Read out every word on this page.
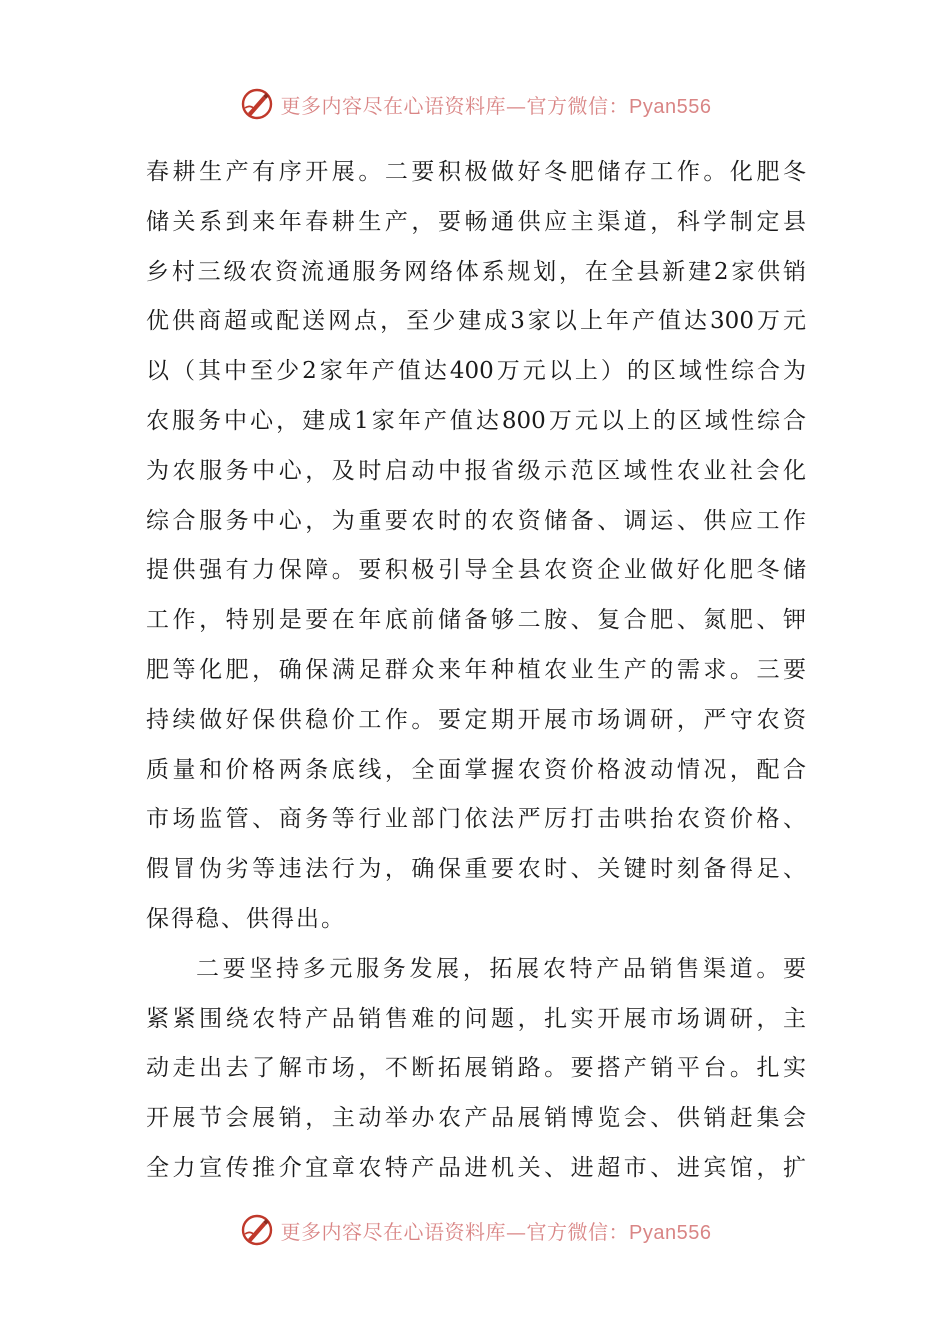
更多内容尽在心语资料库—官方微信：Pyan556
春耕生产有序开展。二要积极做好冬肥储存工作。化肥冬
储关系到来年春耕生产，要畅通供应主渠道，科学制定县
乡村三级农资流通服务网络体系规划，在全县新建2家供销
优供商超或配送网点，至少建成3家以上年产值达300万元
以（其中至少2家年产值达400万元以上）的区域性综合为
农服务中心，建成1家年产值达800万元以上的区域性综合
为农服务中心，及时启动中报省级示范区域性农业社会化
综合服务中心，为重要农时的农资储备、调运、供应工作
提供强有力保障。要积极引导全县农资企业做好化肥冬储
工作，特别是要在年底前储备够二胺、复合肥、氮肥、钾
肥等化肥，确保满足群众来年种植农业生产的需求。三要
持续做好保供稳价工作。要定期开展市场调研，严守农资
质量和价格两条底线，全面掌握农资价格波动情况，配合
市场监管、商务等行业部门依法严厉打击哄抬农资价格、
假冒伪劣等违法行为，确保重要农时、关键时刻备得足、
保得稳、供得出。
二要坚持多元服务发展，拓展农特产品销售渠道。要
紧紧围绕农特产品销售难的问题，扎实开展市场调研，主
动走出去了解市场，不断拓展销路。要搭产销平台。扎实
开展节会展销，主动举办农产品展销博览会、供销赶集会
全力宣传推介宜章农特产品进机关、进超市、进宾馆，扩
更多内容尽在心语资料库—官方微信：Pyan556
